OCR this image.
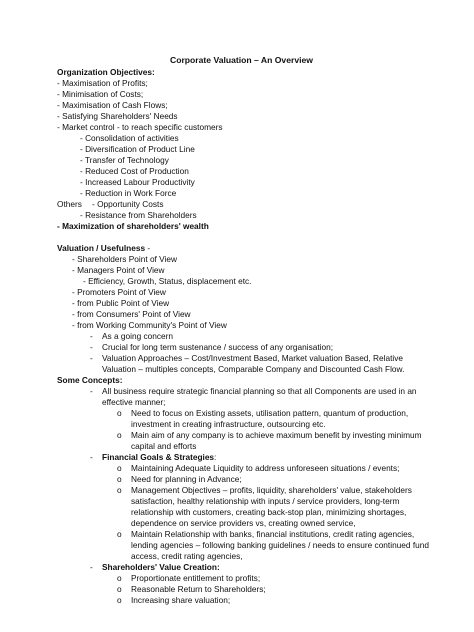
Corporate Valuation – An Overview
Organization Objectives:
- Maximisation of Profits;
- Minimisation of Costs;
- Maximisation of Cash Flows;
- Satisfying Shareholders' Needs
- Market control - to reach specific customers
- Consolidation of activities
- Diversification of Product Line
- Transfer of Technology
- Reduced Cost of Production
- Increased Labour Productivity
- Reduction in Work Force
Others - Opportunity Costs
- Resistance from Shareholders
- Maximization of shareholders' wealth
Valuation / Usefulness -
- Shareholders Point of View
- Managers Point of View
- Efficiency, Growth, Status, displacement etc.
- Promoters Point of View
- from Public Point of View
- from Consumers' Point of View
- from Working Community's Point of View
- As a going concern
- Crucial for long term sustenance / success of any organisation;
- Valuation Approaches – Cost/Investment Based, Market valuation Based, Relative
Valuation – multiples concepts, Comparable Company and Discounted Cash Flow.
Some Concepts:
- All business require strategic financial planning so that all Components are used in an
effective manner;
o Need to focus on Existing assets, utilisation pattern, quantum of production,
investment in creating infrastructure, outsourcing etc.
o Main aim of any company is to achieve maximum benefit by investing minimum
capital and efforts
- Financial Goals & Strategies:
o Maintaining Adequate Liquidity to address unforeseen situations / events;
o Need for planning in Advance;
o Management Objectives – profits, liquidity, shareholders' value, stakeholders
satisfaction, healthy relationship with inputs / service providers, long-term
relationship with customers, creating back-stop plan, minimizing shortages,
dependence on service providers vs, creating owned service,
o Maintain Relationship with banks, financial institutions, credit rating agencies,
lending agencies – following banking guidelines / needs to ensure continued fund
access, credit rating agencies,
- Shareholders' Value Creation:
o Proportionate entitlement to profits;
o Reasonable Return to Shareholders;
o Increasing share valuation;
